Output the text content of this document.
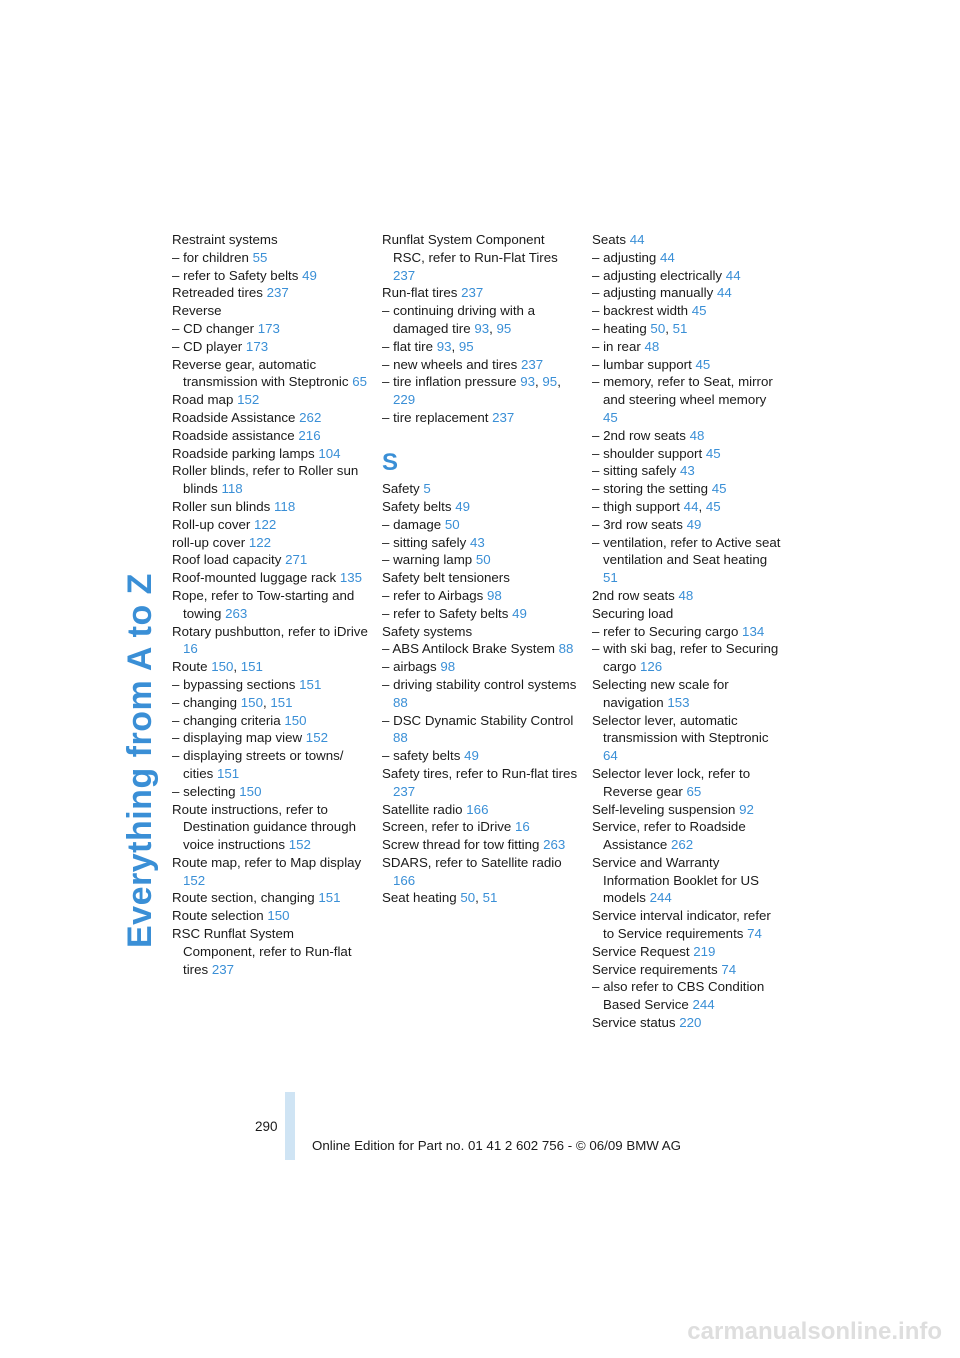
Everything from A to Z
Restraint systems
– for children 55
– refer to Safety belts 49
Retreaded tires 237
Reverse
– CD changer 173
– CD player 173
Reverse gear, automatic transmission with Steptronic 65
Road map 152
Roadside Assistance 262
Roadside assistance 216
Roadside parking lamps 104
Roller blinds, refer to Roller sun blinds 118
Roller sun blinds 118
Roll-up cover 122
roll-up cover 122
Roof load capacity 271
Roof-mounted luggage rack 135
Rope, refer to Tow-starting and towing 263
Rotary pushbutton, refer to iDrive 16
Route 150, 151
– bypassing sections 151
– changing 150, 151
– changing criteria 150
– displaying map view 152
– displaying streets or towns/ cities 151
– selecting 150
Route instructions, refer to Destination guidance through voice instructions 152
Route map, refer to Map display 152
Route section, changing 151
Route selection 150
RSC Runflat System Component, refer to Run-flat tires 237
Runflat System Component RSC, refer to Run-Flat Tires 237
Run-flat tires 237
– continuing driving with a damaged tire 93, 95
– flat tire 93, 95
– new wheels and tires 237
– tire inflation pressure 93, 95, 229
– tire replacement 237
S
Safety 5
Safety belts 49
– damage 50
– sitting safely 43
– warning lamp 50
Safety belt tensioners
– refer to Airbags 98
– refer to Safety belts 49
Safety systems
– ABS Antilock Brake System 88
– airbags 98
– driving stability control systems 88
– DSC Dynamic Stability Control 88
– safety belts 49
Safety tires, refer to Run-flat tires 237
Satellite radio 166
Screen, refer to iDrive 16
Screw thread for tow fitting 263
SDARS, refer to Satellite radio 166
Seat heating 50, 51
Seats 44
– adjusting 44
– adjusting electrically 44
– adjusting manually 44
– backrest width 45
– heating 50, 51
– in rear 48
– lumbar support 45
– memory, refer to Seat, mirror and steering wheel memory 45
– 2nd row seats 48
– shoulder support 45
– sitting safely 43
– storing the setting 45
– thigh support 44, 45
– 3rd row seats 49
– ventilation, refer to Active seat ventilation and Seat heating 51
2nd row seats 48
Securing load
– refer to Securing cargo 134
– with ski bag, refer to Securing cargo 126
Selecting new scale for navigation 153
Selector lever, automatic transmission with Steptronic 64
Selector lever lock, refer to Reverse gear 65
Self-leveling suspension 92
Service, refer to Roadside Assistance 262
Service and Warranty Information Booklet for US models 244
Service interval indicator, refer to Service requirements 74
Service Request 219
Service requirements 74
– also refer to CBS Condition Based Service 244
Service status 220
290
Online Edition for Part no. 01 41 2 602 756 - © 06/09 BMW AG
carmanualsonline.info
